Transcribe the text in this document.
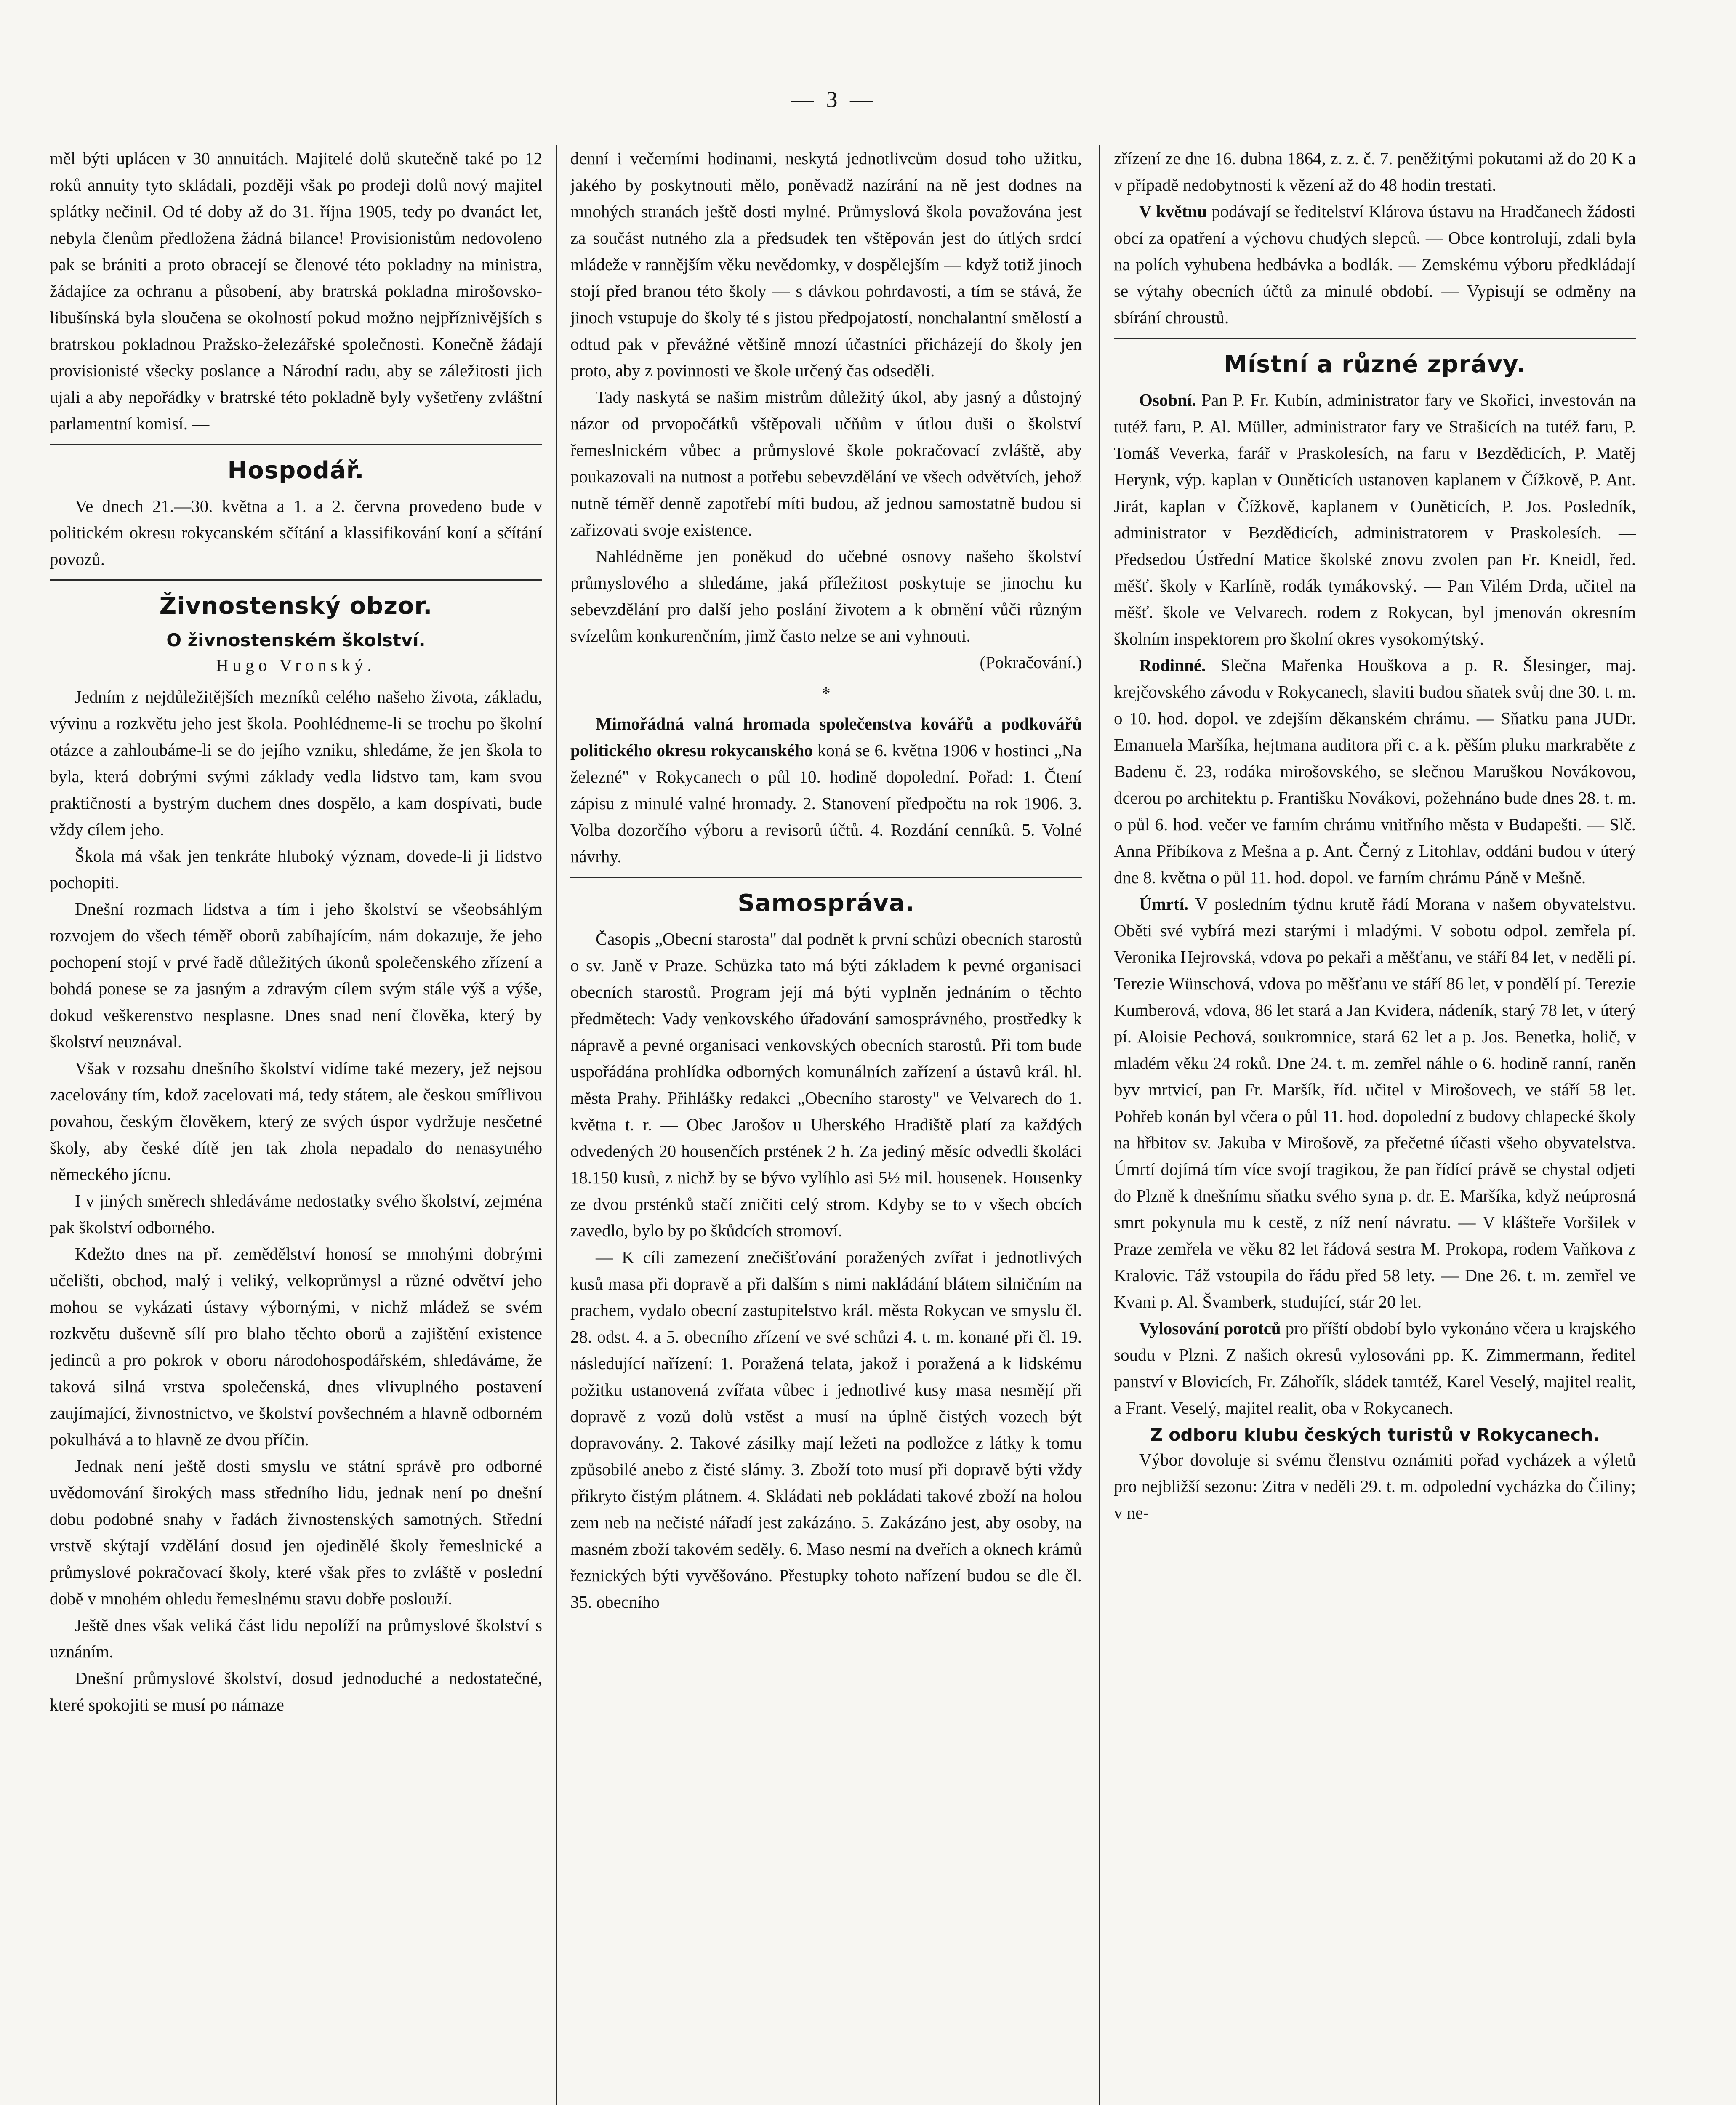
— 3 —

měl býti uplácen v 30 annuitách. Majitelé dolů skutečně také po 12 roků annuity tyto skládali, později však po prodeji dolů nový majitel splátky nečinil. Od té doby až do 31. října 1905, tedy po dvanáct let, nebyla členům předložena žádná bilance! Provisionistům nedovoleno pak se brániti a proto obracejí se členové této pokladny na ministra, žádajíce za ochranu a působení, aby bratrská pokladna mirošovsko-libušínská byla sloučena se okolností pokud možno nejpříznivějších s bratrskou pokladnou Pražsko-železářské společnosti. Konečně žádají provisionisté všecky poslance a Národní radu, aby se záležitosti jich ujali a aby nepořádky v bratrské této pokladně byly vyšetřeny zvláštní parlamentní komisí. —

Hospodář.

Ve dnech 21.—30. května a 1. a 2. června provedeno bude v politickém okresu rokycanském sčítání a klassifikování koní a sčítání povozů.

Živnostenský obzor.
O živnostenském školství.
Hugo Vronský.

Jedním z nejdůležitějších mezníků celého našeho života, základu, vývinu a rozkvětu jeho jest škola. Poohlédneme-li se trochu po školní otázce a zahloubáme-li se do jejího vzniku, shledáme, že jen škola to byla, která dobrými svými základy vedla lidstvo tam, kam svou praktičností a bystrým duchem dnes dospělo, a kam dospívati, bude vždy cílem jeho.

Škola má však jen tenkráte hluboký význam, dovede-li ji lidstvo pochopiti.

Dnešní rozmach lidstva a tím i jeho školství se všeobsáhlým rozvojem do všech téměř oborů zabíhajícím, nám dokazuje, že jeho pochopení stojí v prvé řadě důležitých úkonů společenského zřízení a bohdá ponese se za jasným a zdravým cílem svým stále výš a výše, dokud veškerenstvo nesplasne. Dnes snad není člověka, který by školství neuznával.

Však v rozsahu dnešního školství vidíme také mezery, jež nejsou zacelovány tím, kdož zacelovati má, tedy státem, ale českou smířlivou povahou, českým člověkem, který ze svých úspor vydržuje nesčetné školy, aby české dítě jen tak zhola nepadalo do nenasytného německého jícnu.

I v jiných směrech shledáváme nedostatky svého školství, zejména pak školství odborného.

Kdežto dnes na př. zemědělství honosí se mnohými dobrými učelišti, obchod, malý i veliký, velkoprůmysl a různé odvětví jeho mohou se vykázati ústavy výbornými, v nichž mládež se svém rozkvětu duševně sílí pro blaho těchto oborů a zajištění existence jedinců a pro pokrok v oboru národohospodářském, shledáváme, že taková silná vrstva společenská, dnes vlivuplného postavení zaujímající, živnostnictvo, ve školství povšechném a hlavně odborném pokulhává a to hlavně ze dvou příčin.

Jednak není ještě dosti smyslu ve státní správě pro odborné uvědomování širokých mass středního lidu, jednak není po dnešní dobu podobné snahy v řadách živnostenských samotných. Střední vrstvě skýtají vzdělání dosud jen ojedinělé školy řemeslnické a průmyslové pokračovací školy, které však přes to zvláště v poslední době v mnohém ohledu řemeslnému stavu dobře poslouží.

Ještě dnes však veliká část lidu nepolíží na průmyslové školství s uznáním.

Dnešní průmyslové školství, dosud jednoduché a nedostatečné, které spokojiti se musí po námaze

denní i večerními hodinami, neskytá jednotlivcům dosud toho užitku, jakého by poskytnouti mělo, poněvadž nazírání na ně jest dodnes na mnohých stranách ještě dosti mylné. Průmyslová škola považována jest za součást nutného zla a předsudek ten vštěpován jest do útlých srdcí mládeže v rannějším věku nevědomky, v dospělejším — když totiž jinoch stojí před branou této školy — s dávkou pohrdavosti, a tím se stává, že jinoch vstupuje do školy té s jistou předpojatostí, nonchalantní smělostí a odtud pak v převážné většině mnozí účastníci přicházejí do školy jen proto, aby z povinnosti ve škole určený čas odseděli.

Tady naskytá se našim mistrům důležitý úkol, aby jasný a důstojný názor od prvopočátků vštěpovali učňům v útlou duši o školství řemeslnickém vůbec a průmyslové škole pokračovací zvláště, aby poukazovali na nutnost a potřebu sebevzdělání ve všech odvětvích, jehož nutně téměř denně zapotřebí míti budou, až jednou samostatně budou si zařizovati svoje existence.

Nahlédněme jen poněkud do učebné osnovy našeho školství průmyslového a shledáme, jaká příležitost poskytuje se jinochu ku sebevzdělání pro další jeho poslání životem a k obrnění vůči různým svízelům konkurenčním, jimž často nelze se ani vyhnouti.

(Pokračování.)
*

Mimořádná valná hromada společenstva kovářů a podkovářů politického okresu rokycanského koná se 6. května 1906 v hostinci „Na železné" v Rokycanech o půl 10. hodině dopolední. Pořad: 1. Čtení zápisu z minulé valné hromady. 2. Stanovení předpočtu na rok 1906. 3. Volba dozorčího výboru a revisorů účtů. 4. Rozdání cenníků. 5. Volné návrhy.

Samospráva.

Časopis „Obecní starosta" dal podnět k první schůzi obecních starostů o sv. Janě v Praze. Schůzka tato má býti základem k pevné organisaci obecních starostů. Program její má býti vyplněn jednáním o těchto předmětech: Vady venkovského úřadování samosprávného, prostředky k nápravě a pevné organisaci venkovských obecních starostů. Při tom bude uspořádána prohlídka odborných komunálních zařízení a ústavů král. hl. města Prahy. Přihlášky redakci „Obecního starosty" ve Velvarech do 1. května t. r. — Obec Jarošov u Uherského Hradiště platí za každých odvedených 20 housenčích prstének 2 h. Za jediný měsíc odvedli školáci 18.150 kusů, z nichž by se bývo vylíhlo asi 5½ mil. housenek. Housenky ze dvou prsténků stačí zničiti celý strom. Kdyby se to v všech obcích zavedlo, bylo by po škůdcích stromoví.

— K cíli zamezení znečišťování poražených zvířat i jednotlivých kusů masa při dopravě a při dalším s nimi nakládání blátem silničním na prachem, vydalo obecní zastupitelstvo král. města Rokycan ve smyslu čl. 28. odst. 4. a 5. obecního zřízení ve své schůzi 4. t. m. konané při čl. 19. následující nařízení: 1. Poražená telata, jakož i poražená a k lidskému požitku ustanovená zvířata vůbec i jednotlivé kusy masa nesmějí při dopravě z vozů dolů vstěst a musí na úplně čistých vozech být dopravovány. 2. Takové zásilky mají ležeti na podložce z látky k tomu způsobilé anebo z čisté slámy. 3. Zboží toto musí při dopravě býti vždy přikryto čistým plátnem. 4. Skládati neb pokládati takové zboží na holou zem neb na nečisté nářadí jest zakázáno. 5. Zakázáno jest, aby osoby, na masném zboží takovém seděly. 6. Maso nesmí na dveřích a oknech krámů řeznických býti vyvěšováno. Přestupky tohoto nařízení budou se dle čl. 35. obecního

zřízení ze dne 16. dubna 1864, z. z. č. 7. peněžitými pokutami až do 20 K a v případě nedobytnosti k vězení až do 48 hodin trestati.

V květnu podávají se ředitelství Klárova ústavu na Hradčanech žádosti obcí za opatření a výchovu chudých slepců. — Obce kontrolují, zdali byla na polích vyhubena hedbávka a bodlák. — Zemskému výboru předkládají se výtahy obecních účtů za minulé období. — Vypisují se odměny na sbírání chroustů.

Místní a různé zprávy.

Osobní. Pan P. Fr. Kubín, administrator fary ve Skořici, investován na tutéž faru, P. Al. Müller, administrator fary ve Strašicích na tutéž faru, P. Tomáš Veverka, farář v Praskolesích, na faru v Bezdědicích, P. Matěj Herynk, výp. kaplan v Ouněticích ustanoven kaplanem v Čížkově, P. Ant. Jirát, kaplan v Čížkově, kaplanem v Ouněticích, P. Jos. Posledník, administrator v Bezdědicích, administratorem v Praskolesích. — Předsedou Ústřední Matice školské znovu zvolen pan Fr. Kneidl, řed. měšť. školy v Karlíně, rodák tymákovský. — Pan Vilém Drda, učitel na měšť. škole ve Velvarech. rodem z Rokycan, byl jmenován okresním školním inspektorem pro školní okres vysokomýtský.

Rodinné. Slečna Mařenka Houškova a p. R. Šlesinger, maj. krejčovského závodu v Rokycanech, slaviti budou sňatek svůj dne 30. t. m. o 10. hod. dopol. ve zdejším děkanském chrámu. — Sňatku pana JUDr. Emanuela Maršíka, hejtmana auditora při c. a k. pěším pluku markraběte z Badenu č. 23, rodáka mirošovského, se slečnou Maruškou Novákovou, dcerou po architektu p. Františku Novákovi, požehnáno bude dnes 28. t. m. o půl 6. hod. večer ve farním chrámu vnitřního města v Budapešti. — Slč. Anna Příbíkova z Mešna a p. Ant. Černý z Litohlav, oddáni budou v úterý dne 8. května o půl 11. hod. dopol. ve farním chrámu Páně v Mešně.

Úmrtí. V posledním týdnu krutě řádí Morana v našem obyvatelstvu. Oběti své vybírá mezi starými i mladými. V sobotu odpol. zemřela pí. Veronika Hejrovská, vdova po pekaři a měšťanu, ve stáří 84 let, v neděli pí. Terezie Wünschová, vdova po měšťanu ve stáří 86 let, v pondělí pí. Terezie Kumberová, vdova, 86 let stará a Jan Kvidera, nádeník, starý 78 let, v úterý pí. Aloisie Pechová, soukromnice, stará 62 let a p. Jos. Benetka, holič, v mladém věku 24 roků. Dne 24. t. m. zemřel náhle o 6. hodině ranní, raněn byv mrtvicí, pan Fr. Maršík, říd. učitel v Mirošovech, ve stáří 58 let. Pohřeb konán byl včera o půl 11. hod. dopolední z budovy chlapecké školy na hřbitov sv. Jakuba v Mirošově, za přečetné účasti všeho obyvatelstva. Úmrtí dojímá tím více svojí tragikou, že pan řídící právě se chystal odjeti do Plzně k dnešnímu sňatku svého syna p. dr. E. Maršíka, když neúprosná smrt pokynula mu k cestě, z níž není návratu. — V klášteře Voršilek v Praze zemřela ve věku 82 let řádová sestra M. Prokopa, rodem Vaňkova z Kralovic. Táž vstoupila do řádu před 58 lety. — Dne 26. t. m. zemřel ve Kvani p. Al. Švamberk, studující, stár 20 let.

Vylosování porotců pro příští období bylo vykonáno včera u krajského soudu v Plzni. Z našich okresů vylosováni pp. K. Zimmermann, ředitel panství v Blovicích, Fr. Záhořík, sládek tamtéž, Karel Veselý, majitel realit, a Frant. Veselý, majitel realit, oba v Rokycanech.

Z odboru klubu českých turistů v Rokycanech.

Výbor dovoluje si svému členstvu oznámiti pořad vycházek a výletů pro nejbližší sezonu: Zitra v neděli 29. t. m. odpolední vycházka do Čiliny; v ne-
